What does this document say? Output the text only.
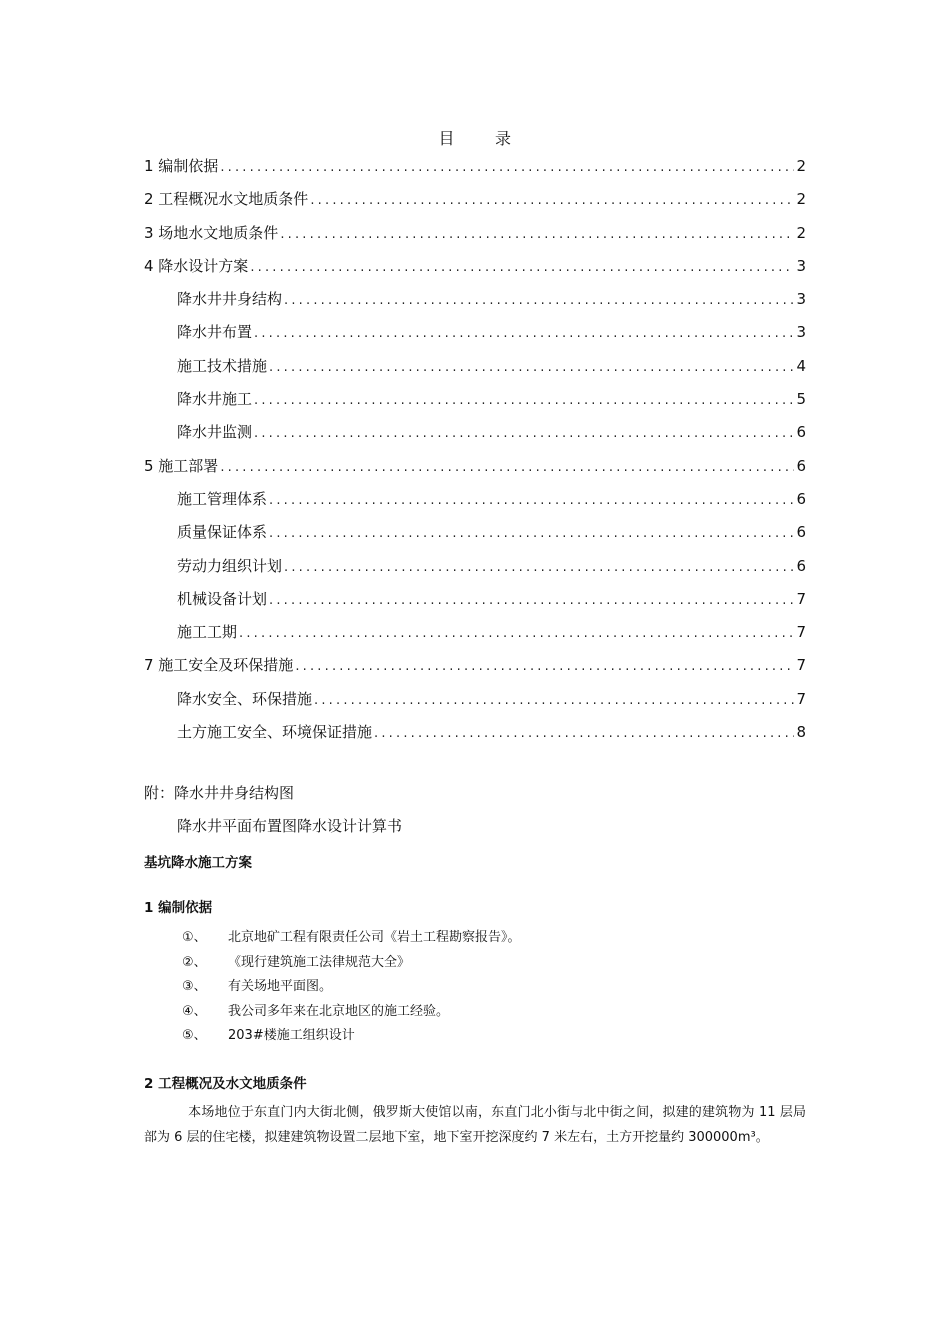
目	录
1 编制依据 .....	2
2 工程概况水文地质条件 .....	2
3 场地水文地质条件 .....	2
4 降水设计方案 .....	3
降水井井身结构 .....	3
降水井布置 .....	3
施工技术措施 .....	4
降水井施工 .....	5
降水井监测 .....	6
5 施工部署 .....	6
施工管理体系 .....	6
质量保证体系 .....	6
劳动力组织计划 .....	6
机械设备计划 .....	7
施工工期 .....	7
7 施工安全及环保措施 .....	7
降水安全、环保措施 .....	7
土方施工安全、环境保证措施 .....	8
附：降水井井身结构图
降水井平面布置图降水设计计算书
基坑降水施工方案
1 编制依据
①、	北京地矿工程有限责任公司《岩土工程勘察报告》。
②、	《现行建筑施工法律规范大全》
③、	有关场地平面图。
④、	我公司多年来在北京地区的施工经验。
⑤、	203#楼施工组织设计
2 工程概况及水文地质条件
本场地位于东直门内大街北侧，俄罗斯大使馆以南，东直门北小街与北中街之间，拟建的建筑物为 11 层局部为 6 层的住宅楼，拟建建筑物设置二层地下室，地下室开挖深度约 7 米左右，土方开挖量约 300000m³。
